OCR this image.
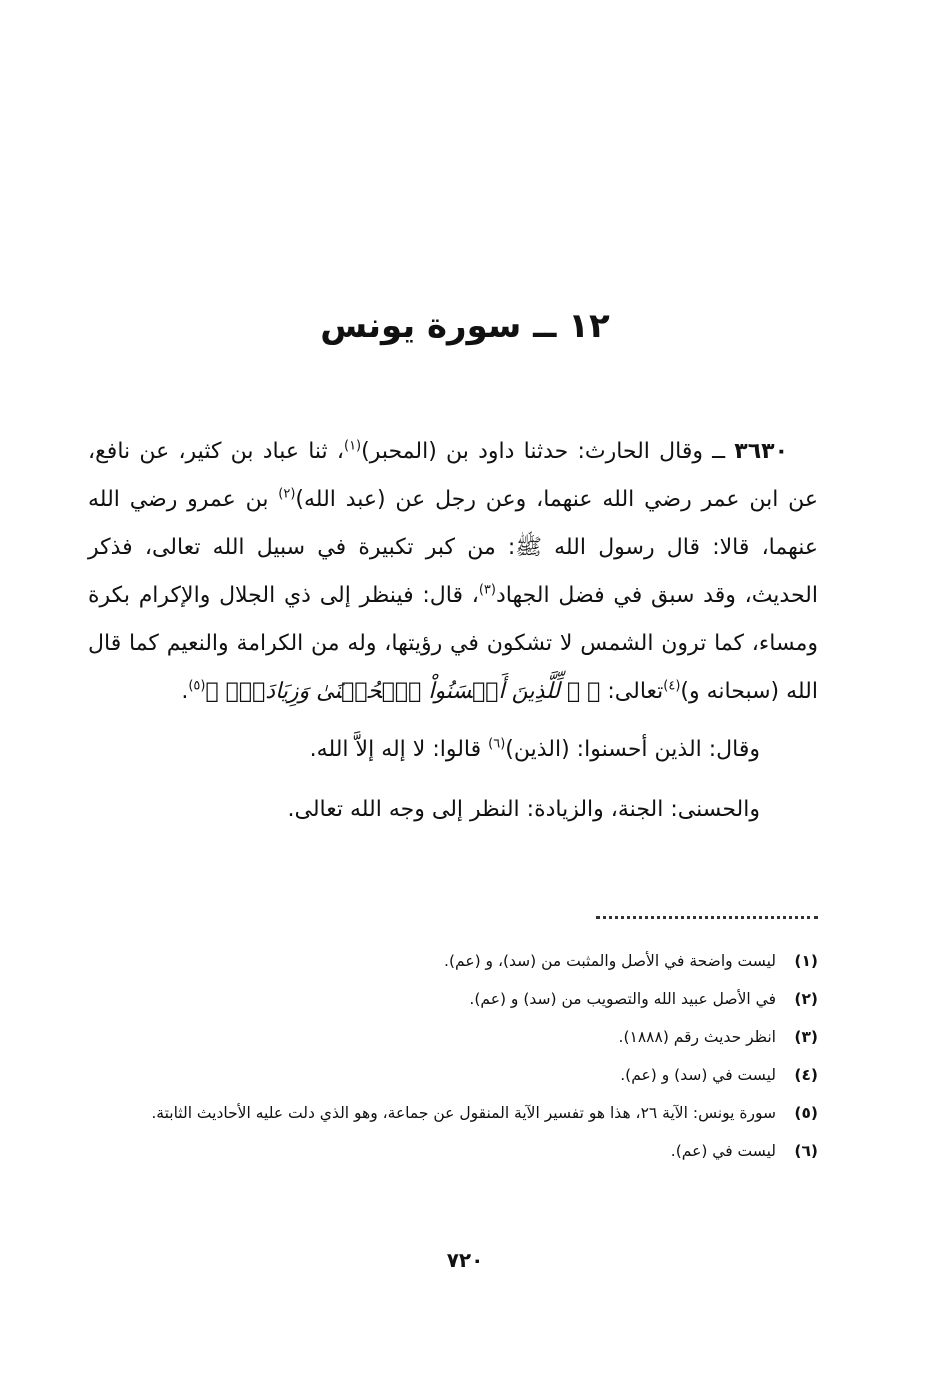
١٢ ــ سورة يونس

٣٦٣٠ ــ وقال الحارث: حدثنا داود بن (المحبر)$^{(١)}$، ثنا عباد بن كثير، عن نافع، عن ابن عمر رضي الله عنهما، وعن رجل عن (عبد الله)$^{(٢)}$ بن عمرو رضي الله عنهما، قالا: قال رسول الله ﷺ: من كبر تكبيرة في سبيل الله تعالى، فذكر الحديث، وقد سبق في فضل الجهاد$^{(٣)}$، قال: فينظر إلى ذي الجلال والإكرام بكرة ومساء، كما ترون الشمس لا تشكون في رؤيتها، وله من الكرامة والنعيم كما قال الله (سبحانه و)$^{(٤)}$تعالى: ﴿ ۞ لِّلَّذِينَ أَحۡسَنُواْ ٱلۡحُسۡنَىٰ وَزِيَادَةٞۖ ﴾$^{(٥)}$.

وقال: الذين أحسنوا: (الذين)$^{(٦)}$ قالوا: لا إله إلاَّ الله.

والحسنى: الجنة، والزيادة: النظر إلى وجه الله تعالى.

(١)
ليست واضحة في الأصل والمثبت من (سد)، و (عم).
(٢)
في الأصل عبيد الله والتصويب من (سد) و (عم).
(٣)
انظر حديث رقم (١٨٨٨).
(٤)
ليست في (سد) و (عم).
(٥)
سورة يونس: الآية ٢٦، هذا هو تفسير الآية المنقول عن جماعة، وهو الذي دلت عليه الأحاديث الثابتة.
(٦)
ليست في (عم).
٧٢٠
